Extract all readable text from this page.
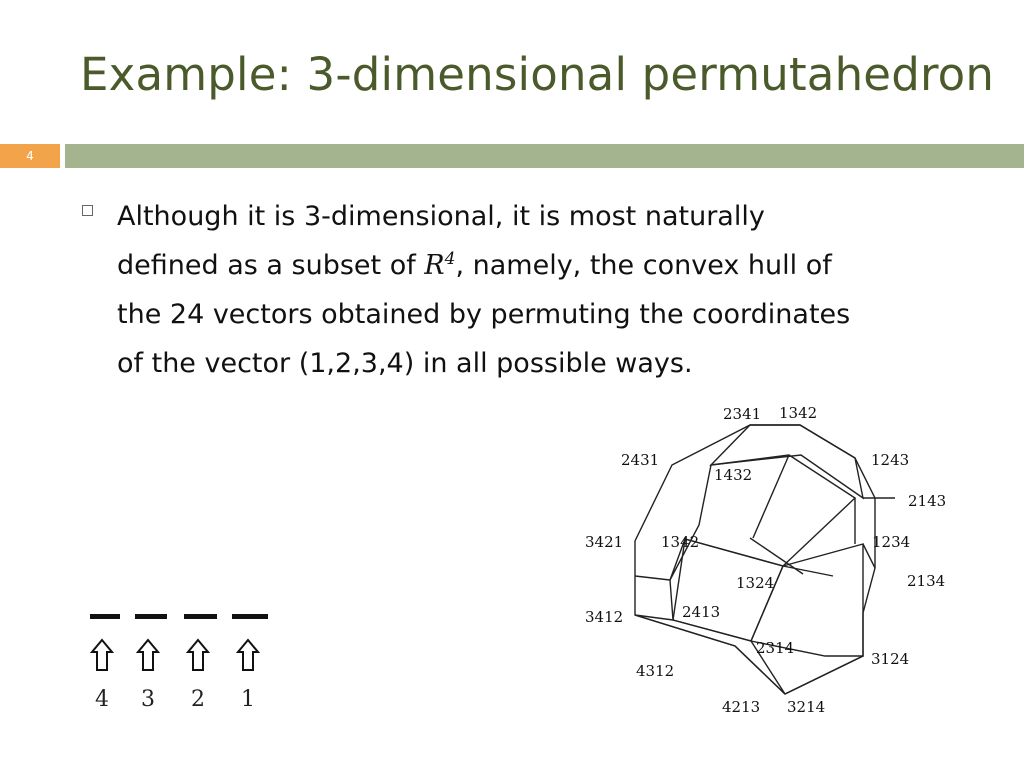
Example: 3-dimensional permutahedron
4
Although it is 3-dimensional, it is most naturally
defined as a subset of $R^4$, namely, the convex hull of
the 24 vectors obtained by permuting the coordinates
of the vector (1,2,3,4) in all possible ways.
4 3 2 1
2341 1342
2431
1432
1243
2143
3421	1342	1234
1324	2134
3412	2413
2314
3124
4312
4213 3214
